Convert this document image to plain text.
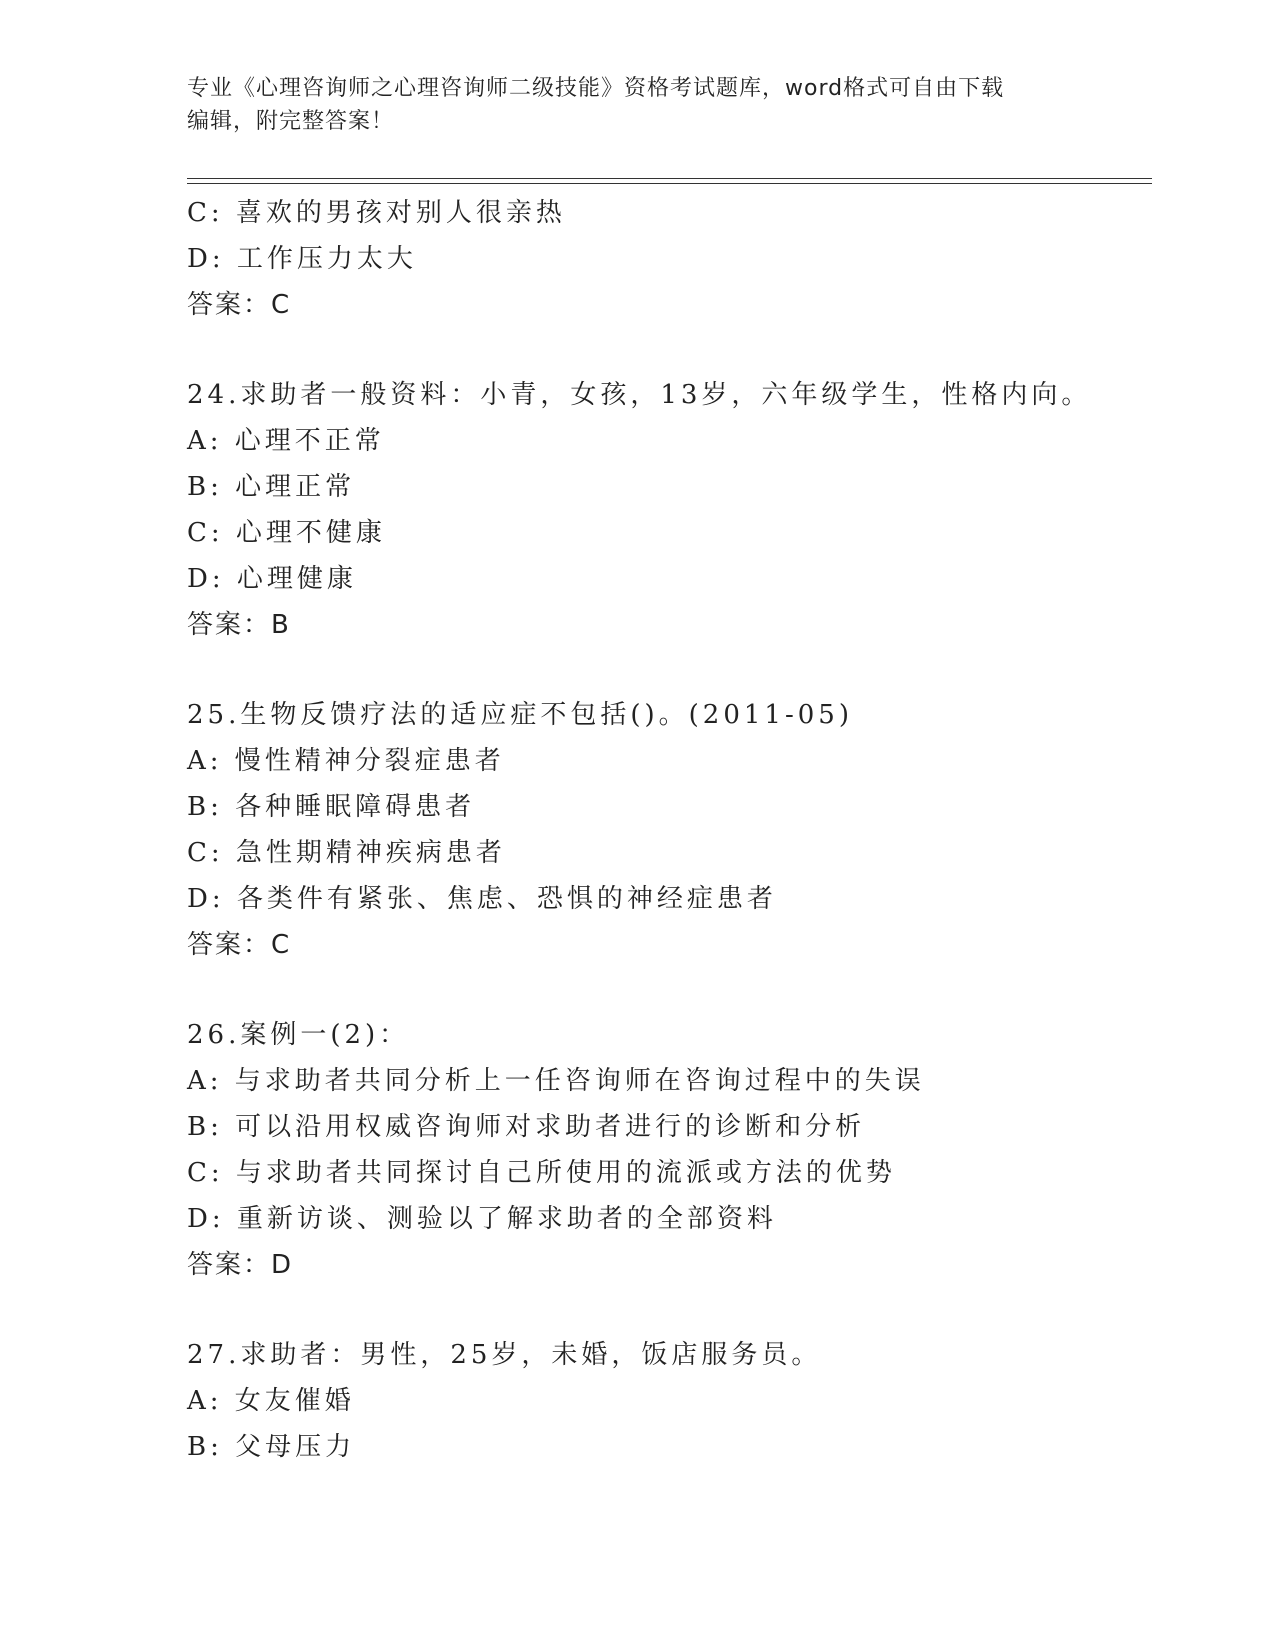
专业《心理咨询师之心理咨询师二级技能》资格考试题库，word格式可自由下载
编辑，附完整答案！
C: 喜欢的男孩对别人很亲热
D: 工作压力太大
答案：C
24.求助者一般资料：小青，女孩，13岁，六年级学生，性格内向。
A: 心理不正常
B: 心理正常
C: 心理不健康
D: 心理健康
答案：B
25.生物反馈疗法的适应症不包括()。(2011-05)
A: 慢性精神分裂症患者
B: 各种睡眠障碍患者
C: 急性期精神疾病患者
D: 各类件有紧张、焦虑、恐惧的神经症患者
答案：C
26.案例一(2)：
A: 与求助者共同分析上一任咨询师在咨询过程中的失误
B: 可以沿用权威咨询师对求助者进行的诊断和分析
C: 与求助者共同探讨自己所使用的流派或方法的优势
D: 重新访谈、测验以了解求助者的全部资料
答案：D
27.求助者：男性，25岁，未婚，饭店服务员。
A: 女友催婚
B: 父母压力
